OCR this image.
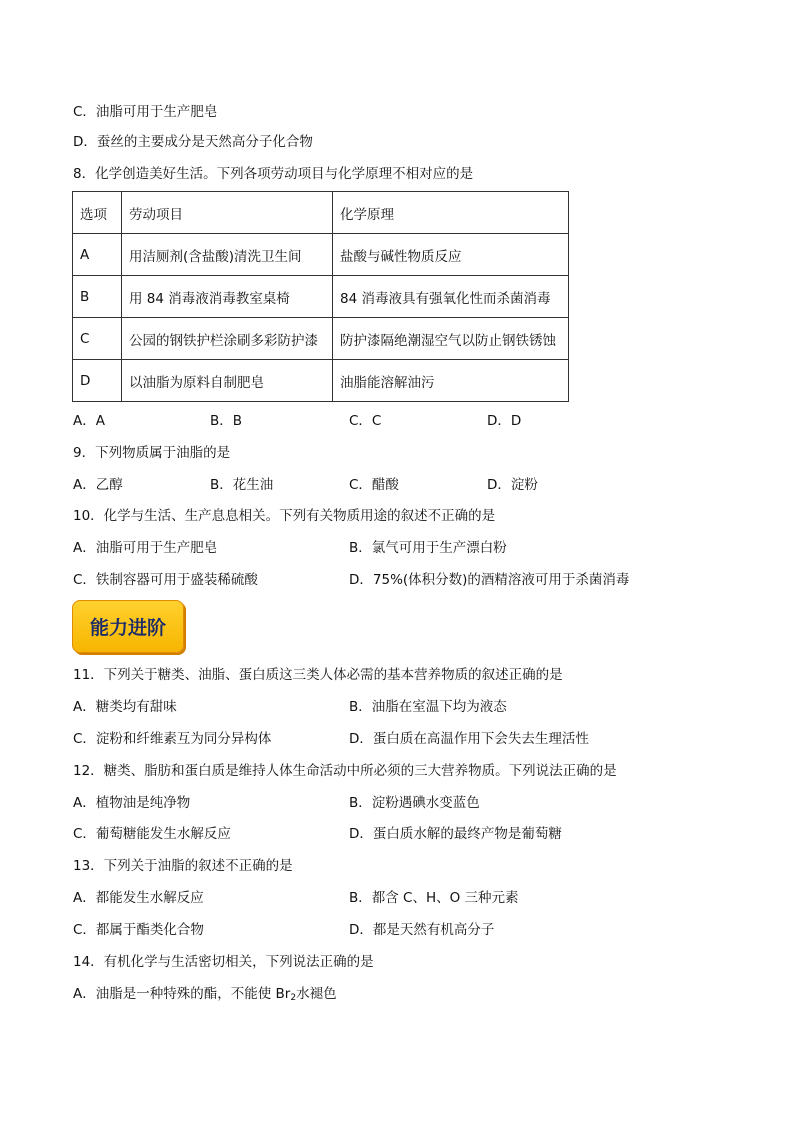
C．油脂可用于生产肥皂
D．蚕丝的主要成分是天然高分子化合物
8．化学创造美好生活。下列各项劳动项目与化学原理不相对应的是
选项	劳动项目	化学原理
A	用洁厕剂(含盐酸)清洗卫生间	盐酸与碱性物质反应
B	用 84 消毒液消毒教室桌椅	84 消毒液具有强氧化性而杀菌消毒
C	公园的钢铁护栏涂刷多彩防护漆	防护漆隔绝潮湿空气以防止钢铁锈蚀
D	以油脂为原料自制肥皂	油脂能溶解油污
A．A	B．B	C．C	D．D
9．下列物质属于油脂的是
A．乙醇	B．花生油	C．醋酸	D．淀粉
10．化学与生活、生产息息相关。下列有关物质用途的叙述不正确的是
A．油脂可用于生产肥皂	B．氯气可用于生产漂白粉
C．铁制容器可用于盛装稀硫酸	D．75%(体积分数)的酒精溶液可用于杀菌消毒
能力进阶
11．下列关于糖类、油脂、蛋白质这三类人体必需的基本营养物质的叙述正确的是
A．糖类均有甜味	B．油脂在室温下均为液态
C．淀粉和纤维素互为同分异构体	D．蛋白质在高温作用下会失去生理活性
12．糖类、脂肪和蛋白质是维持人体生命活动中所必须的三大营养物质。下列说法正确的是
A．植物油是纯净物	B．淀粉遇碘水变蓝色
C．葡萄糖能发生水解反应	D．蛋白质水解的最终产物是葡萄糖
13．下列关于油脂的叙述不正确的是
A．都能发生水解反应	B．都含 C、H、O 三种元素
C．都属于酯类化合物	D．都是天然有机高分子
14．有机化学与生活密切相关，下列说法正确的是
A．油脂是一种特殊的酯，不能使 $Br_2$水褪色
